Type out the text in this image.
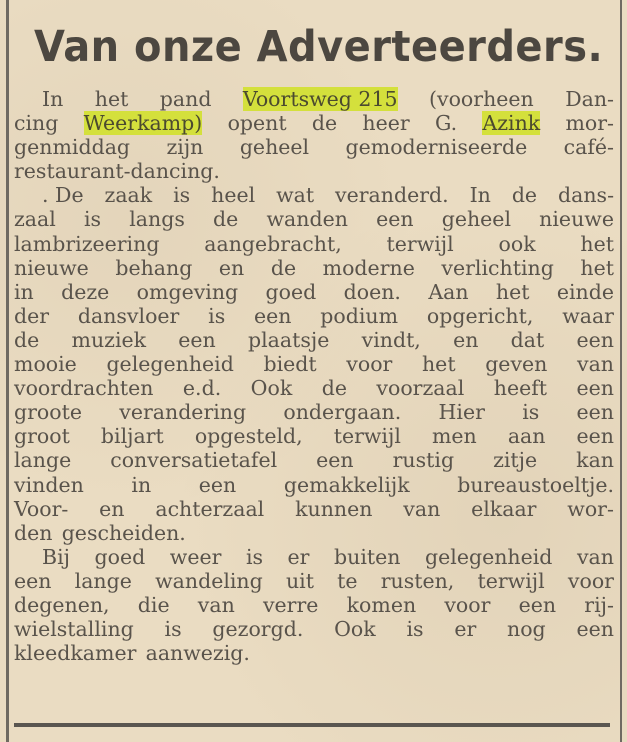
Van onze Adverteerders.
In het pand Voortsweg 215 (voorheen Dan-
cing Weerkamp) opent de heer G. Azink mor-
genmiddag zijn geheel gemoderniseerde café-
restaurant-dancing.
. De zaak is heel wat veranderd. In de dans-
zaal is langs de wanden een geheel nieuwe
lambrizeering aangebracht, terwijl ook het
nieuwe behang en de moderne verlichting het
in deze omgeving goed doen. Aan het einde
der dansvloer is een podium opgericht, waar
de muziek een plaatsje vindt, en dat een
mooie gelegenheid biedt voor het geven van
voordrachten e.d. Ook de voorzaal heeft een
groote verandering ondergaan. Hier is een
groot biljart opgesteld, terwijl men aan een
lange conversatietafel een rustig zitje kan
vinden in een gemakkelijk bureaustoeltje.
Voor- en achterzaal kunnen van elkaar wor-
den gescheiden.
Bij goed weer is er buiten gelegenheid van
een lange wandeling uit te rusten, terwijl voor
degenen, die van verre komen voor een rij-
wielstalling is gezorgd. Ook is er nog een
kleedkamer aanwezig.
